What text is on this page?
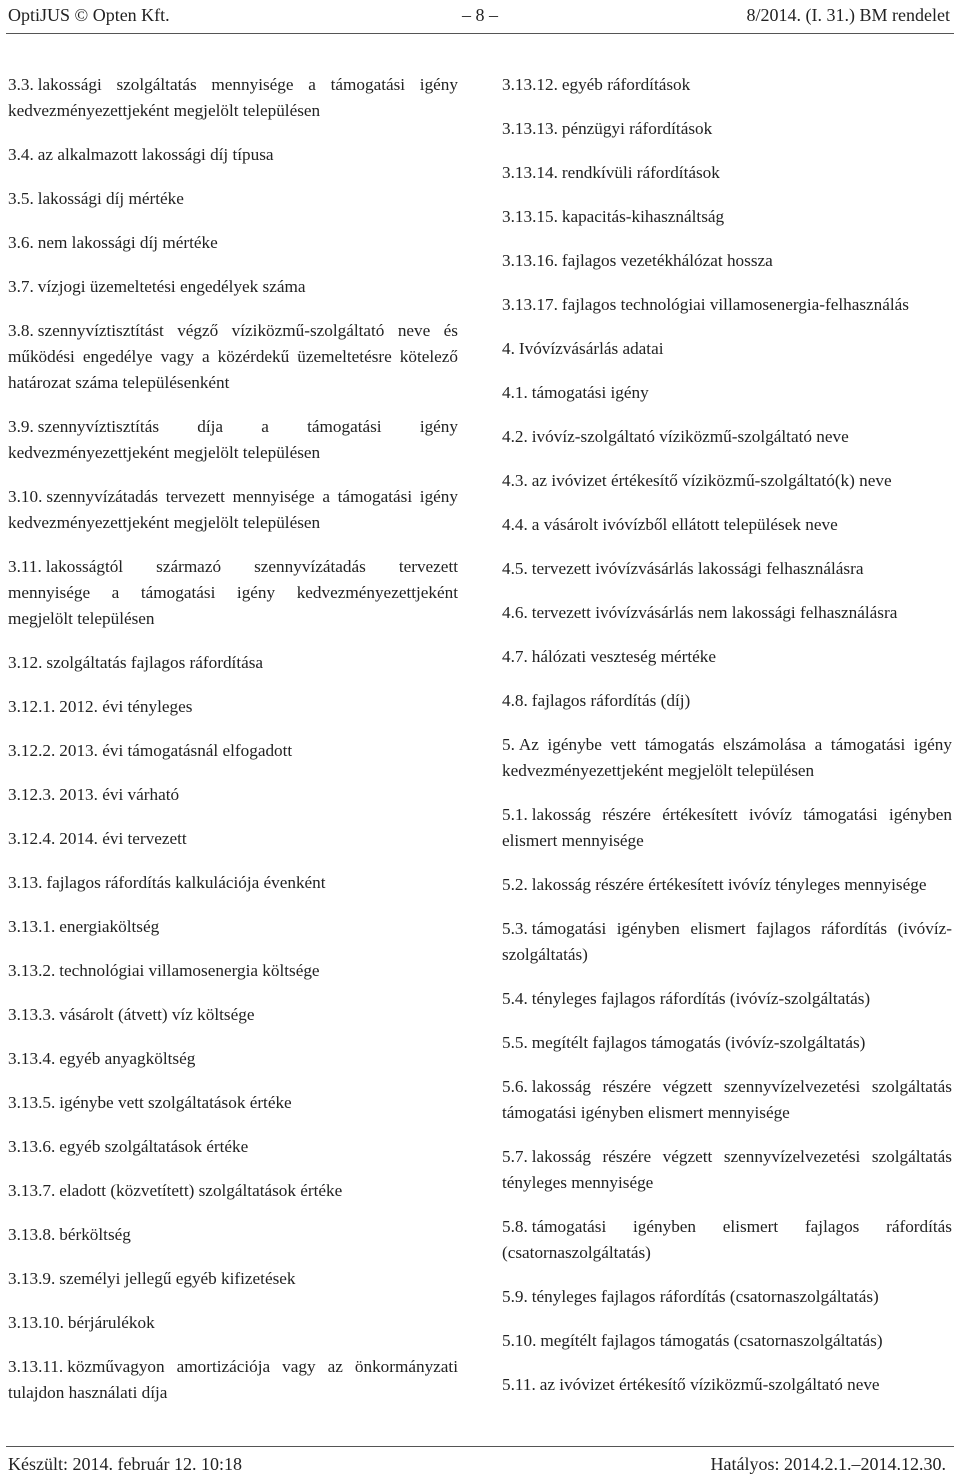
OptiJUS © Opten Kft.	– 8 –	8/2014. (I. 31.) BM rendelet
3.3. lakossági szolgáltatás mennyisége a támogatási igény kedvezményezettjeként megjelölt településen
3.4. az alkalmazott lakossági díj típusa
3.5. lakossági díj mértéke
3.6. nem lakossági díj mértéke
3.7. vízjogi üzemeltetési engedélyek száma
3.8. szennyvíztisztítást végző víziközmű-szolgáltató neve és működési engedélye vagy a közérdekű üzemeltetésre kötelező határozat száma településenként
3.9. szennyvíztisztítás díja a támogatási igény kedvezményezettjeként megjelölt településen
3.10. szennyvízátadás tervezett mennyisége a támogatási igény kedvezményezettjeként megjelölt településen
3.11. lakosságtól származó szennyvízátadás tervezett mennyisége a támogatási igény kedvezményezettjeként megjelölt településen
3.12. szolgáltatás fajlagos ráfordítása
3.12.1. 2012. évi tényleges
3.12.2. 2013. évi támogatásnál elfogadott
3.12.3. 2013. évi várható
3.12.4. 2014. évi tervezett
3.13. fajlagos ráfordítás kalkulációja évenként
3.13.1. energiaköltség
3.13.2. technológiai villamosenergia költsége
3.13.3. vásárolt (átvett) víz költsége
3.13.4. egyéb anyagköltség
3.13.5. igénybe vett szolgáltatások értéke
3.13.6. egyéb szolgáltatások értéke
3.13.7. eladott (közvetített) szolgáltatások értéke
3.13.8. bérköltség
3.13.9. személyi jellegű egyéb kifizetések
3.13.10. bérjárulékok
3.13.11. közművagyon amortizációja vagy az önkormányzati tulajdon használati díja
3.13.12. egyéb ráfordítások
3.13.13. pénzügyi ráfordítások
3.13.14. rendkívüli ráfordítások
3.13.15. kapacitás-kihasználtság
3.13.16. fajlagos vezetékhálózat hossza
3.13.17. fajlagos technológiai villamosenergia-felhasználás
4. Ivóvízvásárlás adatai
4.1. támogatási igény
4.2. ivóvíz-szolgáltató víziközmű-szolgáltató neve
4.3. az ivóvizet értékesítő víziközmű-szolgáltató(k) neve
4.4. a vásárolt ivóvízből ellátott települések neve
4.5. tervezett ivóvízvásárlás lakossági felhasználásra
4.6. tervezett ivóvízvásárlás nem lakossági felhasználásra
4.7. hálózati veszteség mértéke
4.8. fajlagos ráfordítás (díj)
5. Az igénybe vett támogatás elszámolása a támogatási igény kedvezményezettjeként megjelölt településen
5.1. lakosság részére értékesített ivóvíz támogatási igényben elismert mennyisége
5.2. lakosság részére értékesített ivóvíz tényleges mennyisége
5.3. támogatási igényben elismert fajlagos ráfordítás (ivóvíz-szolgáltatás)
5.4. tényleges fajlagos ráfordítás (ivóvíz-szolgáltatás)
5.5. megítélt fajlagos támogatás (ivóvíz-szolgáltatás)
5.6. lakosság részére végzett szennyvízelvezetési szolgáltatás támogatási igényben elismert mennyisége
5.7. lakosság részére végzett szennyvízelvezetési szolgáltatás tényleges mennyisége
5.8. támogatási igényben elismert fajlagos ráfordítás (csatornaszolgáltatás)
5.9. tényleges fajlagos ráfordítás (csatornaszolgáltatás)
5.10. megítélt fajlagos támogatás (csatornaszolgáltatás)
5.11. az ivóvizet értékesítő víziközmű-szolgáltató neve
Készült: 2014. február 12. 10:18	Hatályos: 2014.2.1.–2014.12.30.
